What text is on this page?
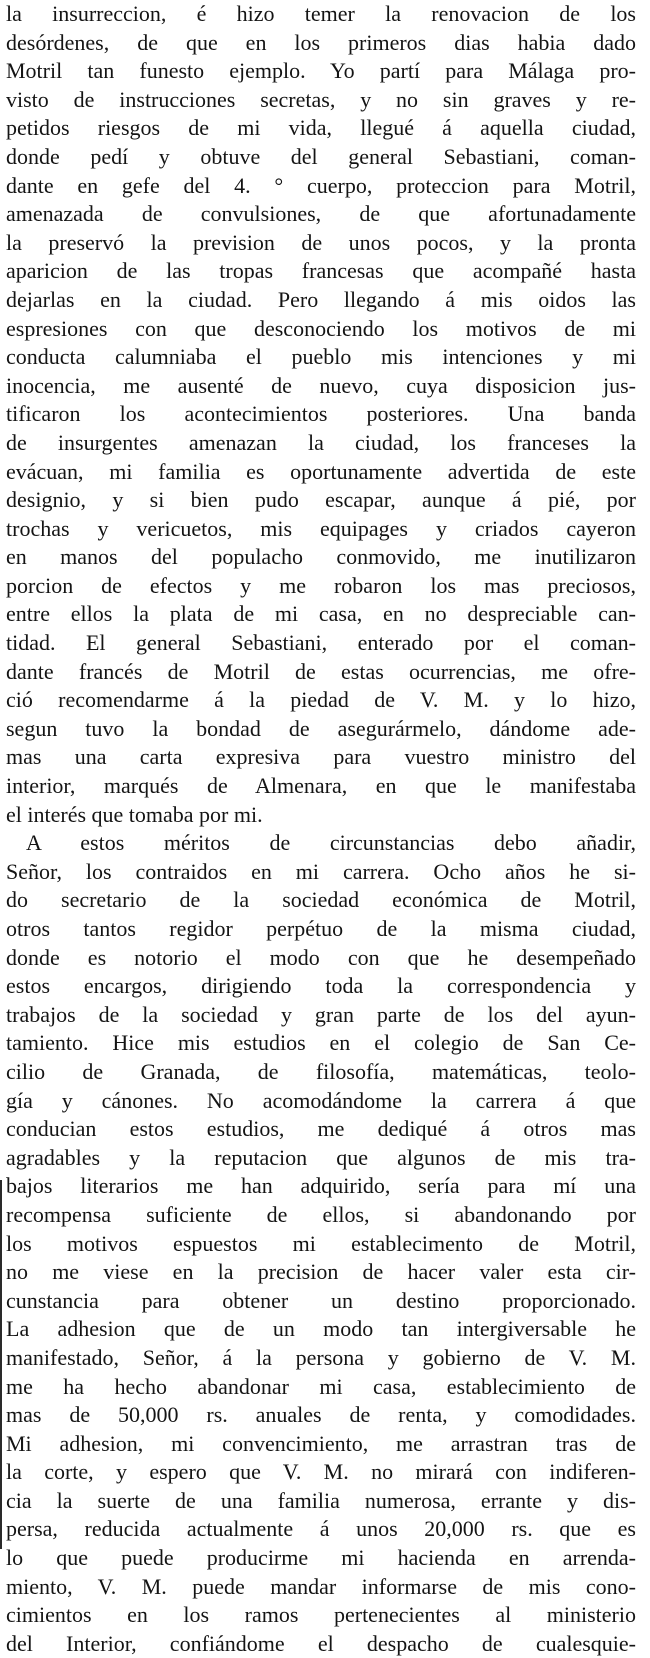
la insurreccion, é hizo temer la renovacion de los
desórdenes, de que en los primeros dias habia dado
Motril tan funesto ejemplo. Yo partí para Málaga pro-
visto de instrucciones secretas, y no sin graves y re-
petidos riesgos de mi vida, llegué á aquella ciudad,
donde pedí y obtuve del general Sebastiani, coman-
dante en gefe del 4. ° cuerpo, proteccion para Motril,
amenazada de convulsiones, de que afortunadamente
la preservó la prevision de unos pocos, y la pronta
aparicion de las tropas francesas que acompañé hasta
dejarlas en la ciudad. Pero llegando á mis oidos las
espresiones con que desconociendo los motivos de mi
conducta calumniaba el pueblo mis intenciones y mi
inocencia, me ausenté de nuevo, cuya disposicion jus-
tificaron los acontecimientos posteriores. Una banda
de insurgentes amenazan la ciudad, los franceses la
evácuan, mi familia es oportunamente advertida de este
designio, y si bien pudo escapar, aunque á pié, por
trochas y vericuetos, mis equipages y criados cayeron
en manos del populacho conmovido, me inutilizaron
porcion de efectos y me robaron los mas preciosos,
entre ellos la plata de mi casa, en no despreciable can-
tidad. El general Sebastiani, enterado por el coman-
dante francés de Motril de estas ocurrencias, me ofre-
ció recomendarme á la piedad de V. M. y lo hizo,
segun tuvo la bondad de asegurármelo, dándome ade-
mas una carta expresiva para vuestro ministro del
interior, marqués de Almenara, en que le manifestaba
el interés que tomaba por mi.
A estos méritos de circunstancias debo añadir,
Señor, los contraidos en mi carrera. Ocho años he si-
do secretario de la sociedad económica de Motril,
otros tantos regidor perpétuo de la misma ciudad,
donde es notorio el modo con que he desempeñado
estos encargos, dirigiendo toda la correspondencia y
trabajos de la sociedad y gran parte de los del ayun-
tamiento. Hice mis estudios en el colegio de San Ce-
cilio de Granada, de filosofía, matemáticas, teolo-
gía y cánones. No acomodándome la carrera á que
conducian estos estudios, me dediqué á otros mas
agradables y la reputacion que algunos de mis tra-
bajos literarios me han adquirido, sería para mí una
recompensa suficiente de ellos, si abandonando por
los motivos espuestos mi establecimento de Motril,
no me viese en la precision de hacer valer esta cir-
cunstancia para obtener un destino proporcionado.
La adhesion que de un modo tan intergiversable he
manifestado, Señor, á la persona y gobierno de V. M.
me ha hecho abandonar mi casa, establecimiento de
mas de 50,000 rs. anuales de renta, y comodidades.
Mi adhesion, mi convencimiento, me arrastran tras de
la corte, y espero que V. M. no mirará con indiferen-
cia la suerte de una familia numerosa, errante y dis-
persa, reducida actualmente á unos 20,000 rs. que es
lo que puede producirme mi hacienda en arrenda-
miento, V. M. puede mandar informarse de mis cono-
cimientos en los ramos pertenecientes al ministerio
del Interior, confiándome el despacho de cualesquie-
